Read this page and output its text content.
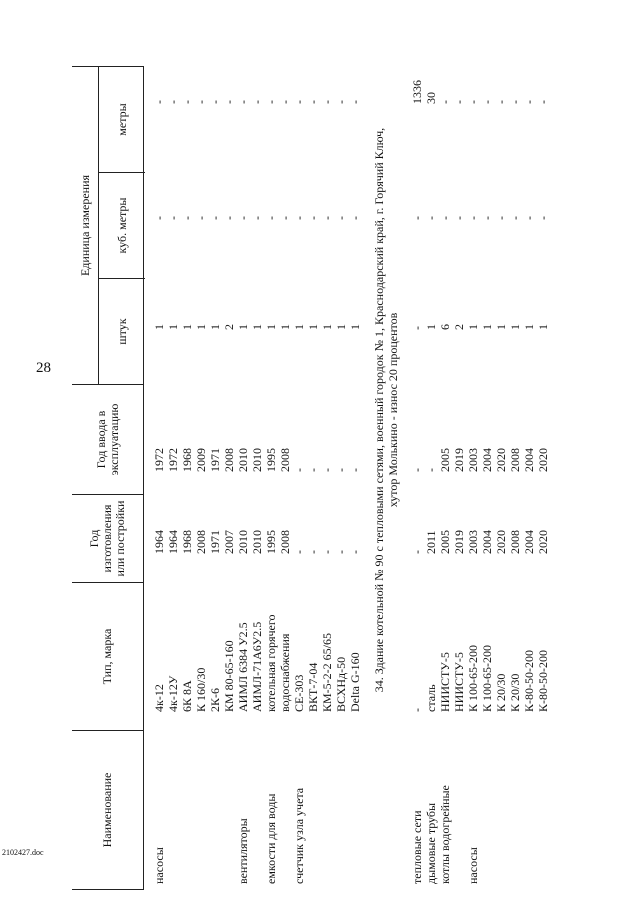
28
2102427.doc
Наименование
Тип, марка
Год изготовления или постройки
Год ввода в эксплуатацию
Единица измерения
штук
куб. метры
метры
насосы
4к-12
1964
1972
1
-
-
4к-12У
1964
1972
1
-
-
6К 8А
1968
1968
1
-
-
К 160/30
2008
2009
1
-
-
2К-6
1971
1971
1
-
-
КМ 80-65-160
2007
2008
2
-
-
вентиляторы
АИМЛ 6384 У2.5
2010
2010
1
-
-
АИМЛ-71А6У2.5
2010
2010
1
-
-
емкости для воды
котельная горячего
1995
1995
1
-
-
водоснабжения
2008
2008
1
-
-
счетчик узла учета
СЕ-303
-
-
1
-
-
ВКТ-7-04
-
-
1
-
-
КМ-5-2-2 65/65
-
-
1
-
-
ВСХНд-50
-
-
1
-
-
Delta G-160
-
-
1
-
-
34. Здание котельной № 90 с тепловыми сетями, военный городок № 1, Краснодарский край, г. Горячий Ключ, хутор Молькино - износ 20 процентов
тепловые сети
-
-
-
-
-
1336
дымовые трубы
сталь
2011
-
1
-
30
котлы водогрейные
НИИСТУ-5
2005
2005
6
-
-
НИИСТУ-5
2019
2019
2
-
-
насосы
К 100-65-200
2003
2003
1
-
-
К 100-65-200
2004
2004
1
-
-
К 20/30
2020
2020
1
-
-
К 20/30
2008
2008
1
-
-
К-80-50-200
2004
2004
1
-
-
К-80-50-200
2020
2020
1
-
-
